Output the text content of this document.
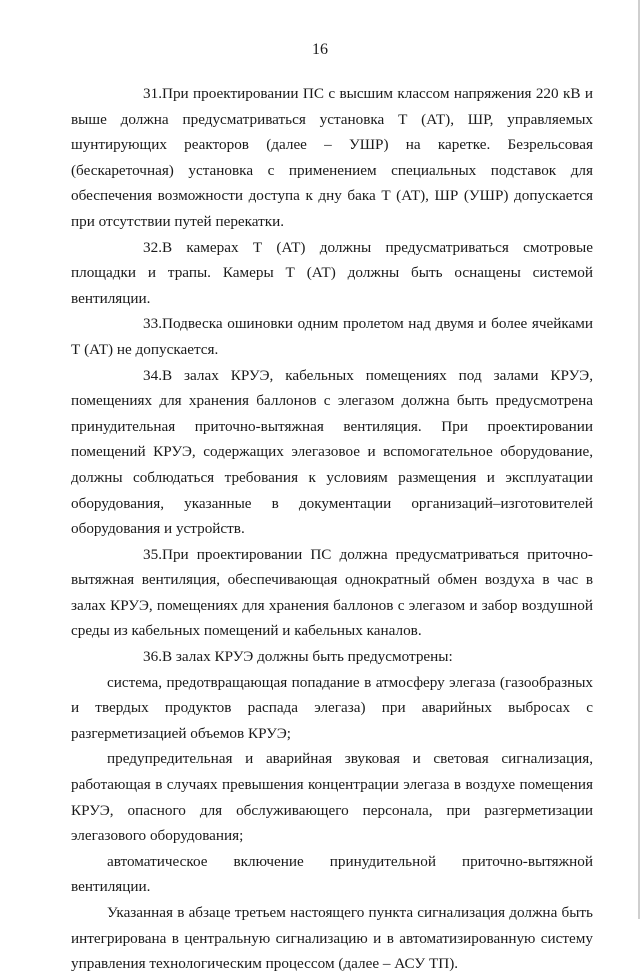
16

31.При проектировании ПС с высшим классом напряжения 220 кВ и выше должна предусматриваться установка Т (АТ), ШР, управляемых шунтирующих реакторов (далее – УШР) на каретке. Безрельсовая (бескареточная) установка с применением специальных подставок для обеспечения возможности доступа к дну бака Т (АТ), ШР (УШР) допускается при отсутствии путей перекатки.

32.В камерах Т (АТ) должны предусматриваться смотровые площадки и трапы. Камеры Т (АТ) должны быть оснащены системой вентиляции.

33.Подвеска ошиновки одним пролетом над двумя и более ячейками Т (АТ) не допускается.

34.В залах КРУЭ, кабельных помещениях под залами КРУЭ, помещениях для хранения баллонов с элегазом должна быть предусмотрена принудительная приточно-вытяжная вентиляция. При проектировании помещений КРУЭ, содержащих элегазовое и вспомогательное оборудование, должны соблюдаться требования к условиям размещения и эксплуатации оборудования, указанные в документации организаций–изготовителей оборудования и устройств.

35.При проектировании ПС должна предусматриваться приточно-вытяжная вентиляция, обеспечивающая однократный обмен воздуха в час в залах КРУЭ, помещениях для хранения баллонов с элегазом и забор воздушной среды из кабельных помещений и кабельных каналов.

36.В залах КРУЭ должны быть предусмотрены:

система, предотвращающая попадание в атмосферу элегаза (газообразных и твердых продуктов распада элегаза) при аварийных выбросах с разгерметизацией объемов КРУЭ;

предупредительная и аварийная звуковая и световая сигнализация, работающая в случаях превышения концентрации элегаза в воздухе помещения КРУЭ, опасного для обслуживающего персонала, при разгерметизации элегазового оборудования;

автоматическое включение принудительной приточно-вытяжной вентиляции.

Указанная в абзаце третьем настоящего пункта сигнализация должна быть интегрирована в центральную сигнализацию и в автоматизированную систему управления технологическим процессом (далее – АСУ ТП).
